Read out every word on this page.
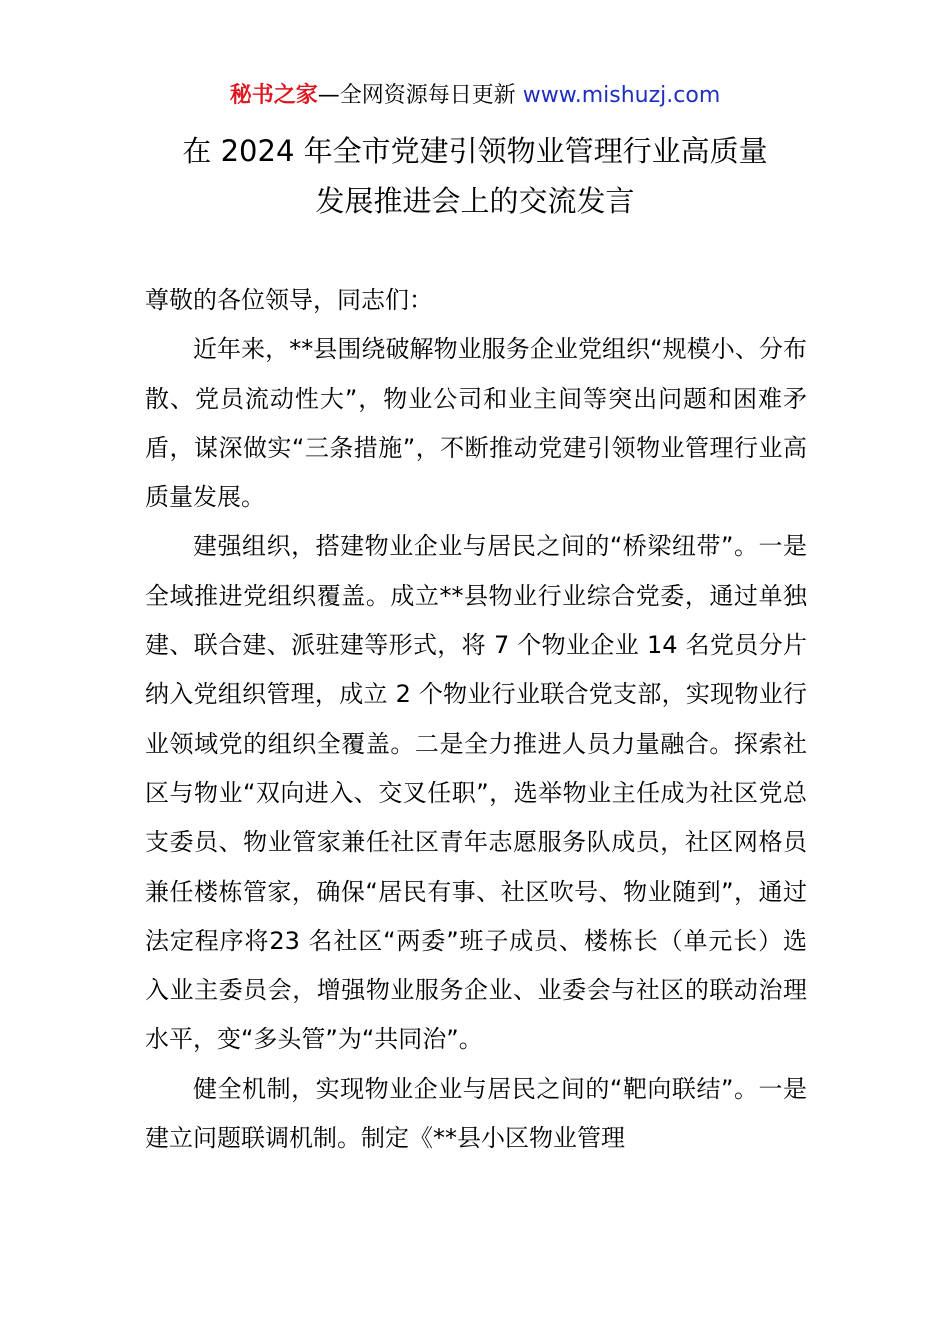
秘书之家—全网资源每日更新 www.mishuzj.com
在 2024 年全市党建引领物业管理行业高质量
发展推进会上的交流发言

尊敬的各位领导，同志们：

近年来，**县围绕破解物业服务企业党组织“规模小、分布散、党员流动性大”，物业公司和业主间等突出问题和困难矛盾，谋深做实“三条措施”，不断推动党建引领物业管理行业高质量发展。

建强组织，搭建物业企业与居民之间的“桥梁纽带”。一是全域推进党组织覆盖。成立**县物业行业综合党委，通过单独建、联合建、派驻建等形式，将 7 个物业企业 14 名党员分片纳入党组织管理，成立 2 个物业行业联合党支部，实现物业行业领域党的组织全覆盖。二是全力推进人员力量融合。探索社区与物业“双向进入、交叉任职”，选举物业主任成为社区党总支委员、物业管家兼任社区青年志愿服务队成员，社区网格员兼任楼栋管家，确保“居民有事、社区吹号、物业随到”，通过法定程序将23 名社区“两委”班子成员、楼栋长（单元长）选入业主委员会，增强物业服务企业、业委会与社区的联动治理水平，变“多头管”为“共同治”。

健全机制，实现物业企业与居民之间的“靶向联结”。一是建立问题联调机制。制定《**县小区物业管理
